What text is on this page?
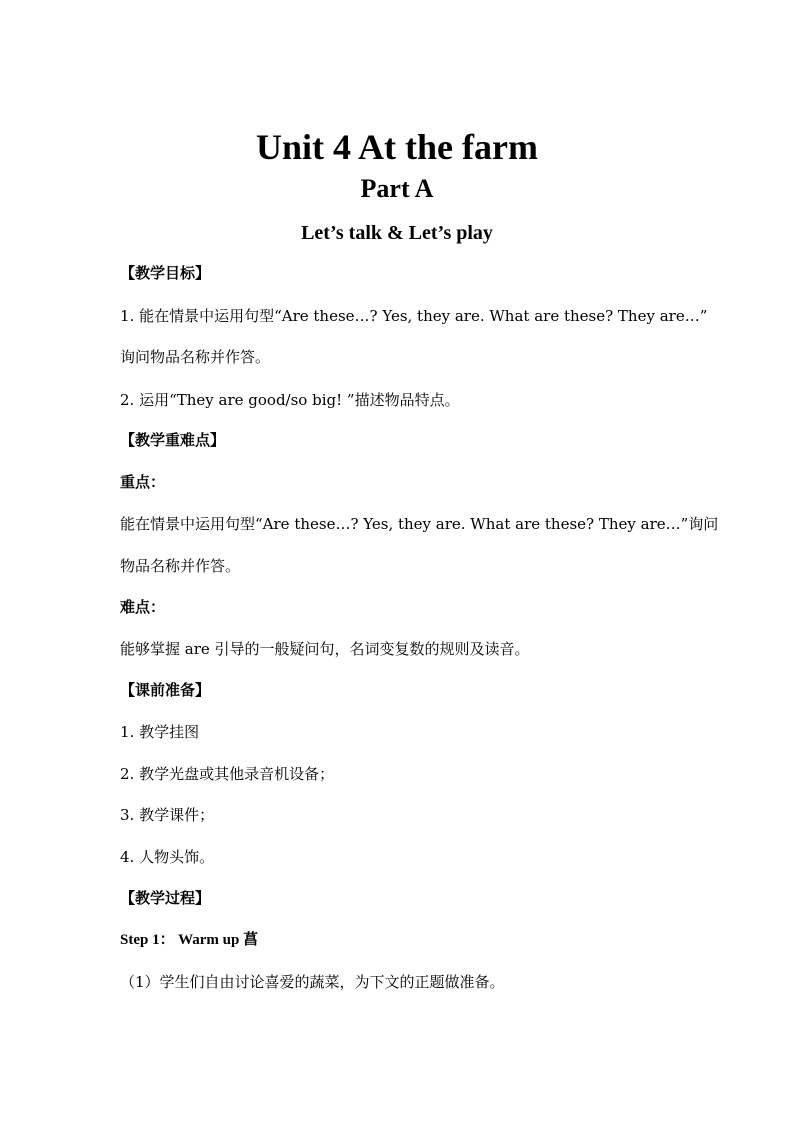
Unit 4 At the farm
Part A
Let’s talk & Let’s play
【教学目标】
1. 能在情景中运用句型“Are these…? Yes, they are. What are these? They are…”
询问物品名称并作答。
2. 运用“They are good/so big! ”描述物品特点。
【教学重难点】
重点：
能在情景中运用句型“Are these…? Yes, they are. What are these? They are…”询问
物品名称并作答。
难点：
能够掌握 are 引导的一般疑问句，名词变复数的规则及读音。
【课前准备】
1. 教学挂图
2. 教学光盘或其他录音机设备；
3. 教学课件；
4. 人物头饰。
【教学过程】
Step 1： Warm up 菖
（1）学生们自由讨论喜爱的蔬菜，为下文的正题做准备。
